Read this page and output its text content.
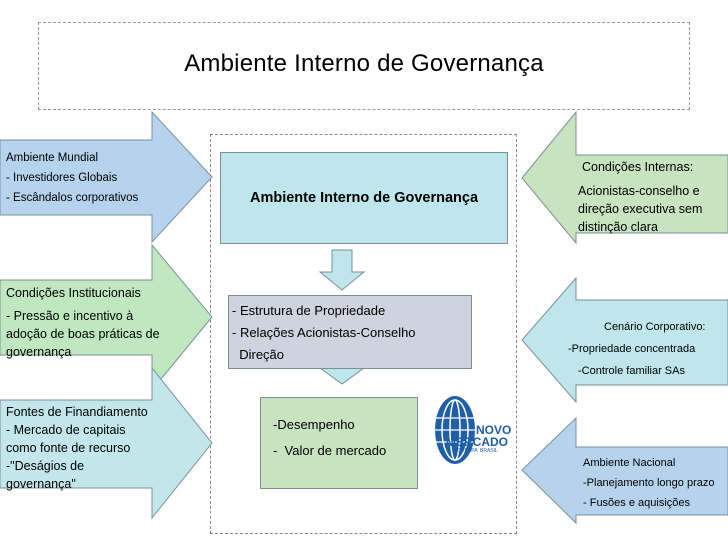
Ambiente Interno de Governança
Ambiente Mundial
- Investidores Globais
- Escândalos corporativos
Condições Institucionais
- Pressão e incentivo à
adoção de boas práticas de
governança
Fontes de Finandiamento
- Mercado de capitais
como fonte de recurso
-"Deságios de
governança"
Ambiente Interno de Governança
- Estrutura de Propriedade
- Relações Acionistas-Conselho
Direção
-Desempenho
-  Valor de mercado
NOVO
MERCADO
BOVESPA  BRASIL
Condições Internas:
Acionistas-conselho e
direção executiva sem
distinção clara
Cenário Corporativo:
-Propriedade concentrada
-Controle familiar SAs
Ambiente Nacional
-Planejamento longo prazo
- Fusões e aquisições
